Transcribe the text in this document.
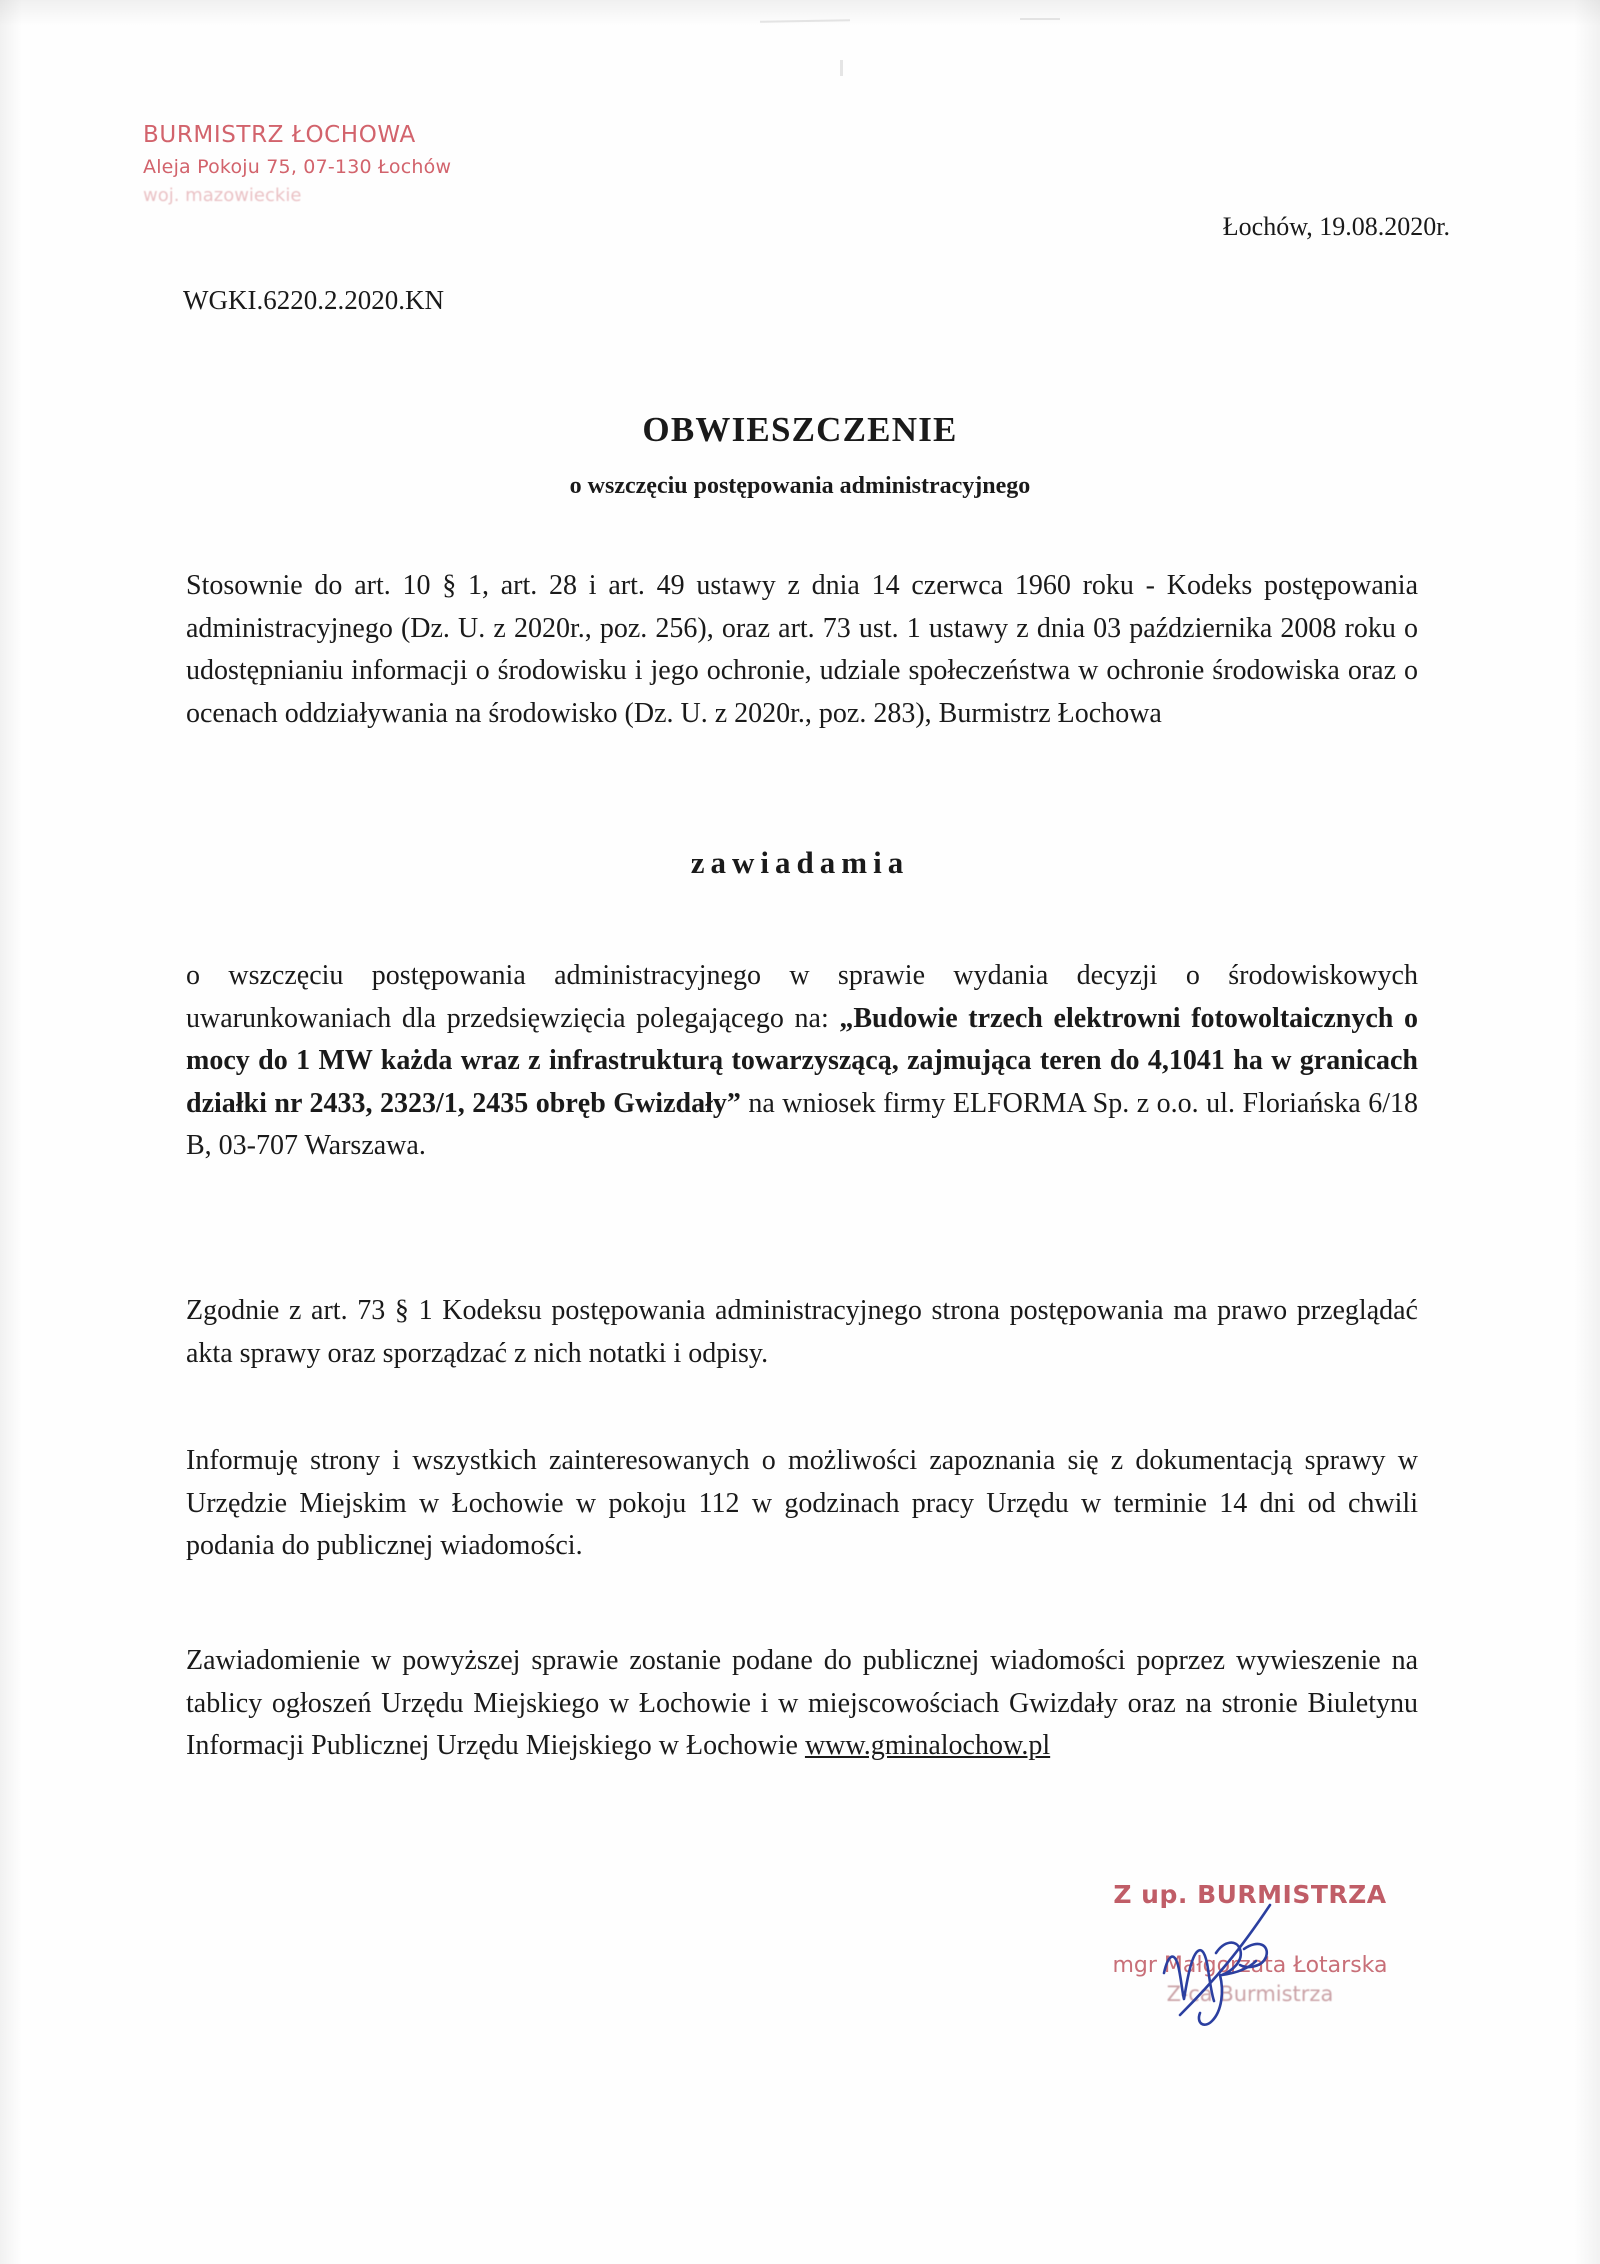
BURMISTRZ ŁOCHOWA
Aleja Pokoju 75, 07-130 Łochów
woj. mazowieckie
Łochów, 19.08.2020r.
WGKI.6220.2.2020.KN
OBWIESZCZENIE
o wszczęciu postępowania administracyjnego
Stosownie do art. 10 § 1, art. 28 i art. 49 ustawy z dnia 14 czerwca 1960 roku - Kodeks postępowania administracyjnego (Dz. U. z 2020r., poz. 256), oraz art. 73 ust. 1 ustawy z dnia 03 października 2008 roku o udostępnianiu informacji o środowisku i jego ochronie, udziale społeczeństwa w ochronie środowiska oraz o ocenach oddziaływania na środowisko (Dz. U. z 2020r., poz. 283), Burmistrz Łochowa
zawiadamia
o wszczęciu postępowania administracyjnego w sprawie wydania decyzji o środowiskowych uwarunkowaniach dla przedsięwzięcia polegającego na: „Budowie trzech elektrowni fotowoltaicznych o mocy do 1 MW każda wraz z infrastrukturą towarzyszącą, zajmująca teren do 4,1041 ha w granicach działki nr 2433, 2323/1, 2435 obręb Gwizdały” na wniosek firmy ELFORMA Sp. z o.o. ul. Floriańska 6/18 B, 03-707 Warszawa.
Zgodnie z art. 73 § 1 Kodeksu postępowania administracyjnego strona postępowania ma prawo przeglądać akta sprawy oraz sporządzać z nich notatki i odpisy.
Informuję strony i wszystkich zainteresowanych o możliwości zapoznania się z dokumentacją sprawy w Urzędzie Miejskim w Łochowie w pokoju 112 w godzinach pracy Urzędu w terminie 14 dni od chwili podania do publicznej wiadomości.
Zawiadomienie w powyższej sprawie zostanie podane do publicznej wiadomości poprzez wywieszenie na tablicy ogłoszeń Urzędu Miejskiego w Łochowie i w miejscowościach Gwizdały oraz na stronie Biuletynu Informacji Publicznej Urzędu Miejskiego w Łochowie www.gminalochow.pl
Z up. BURMISTRZA
mgr Małgorzata Łotarska
Z-ca Burmistrza
